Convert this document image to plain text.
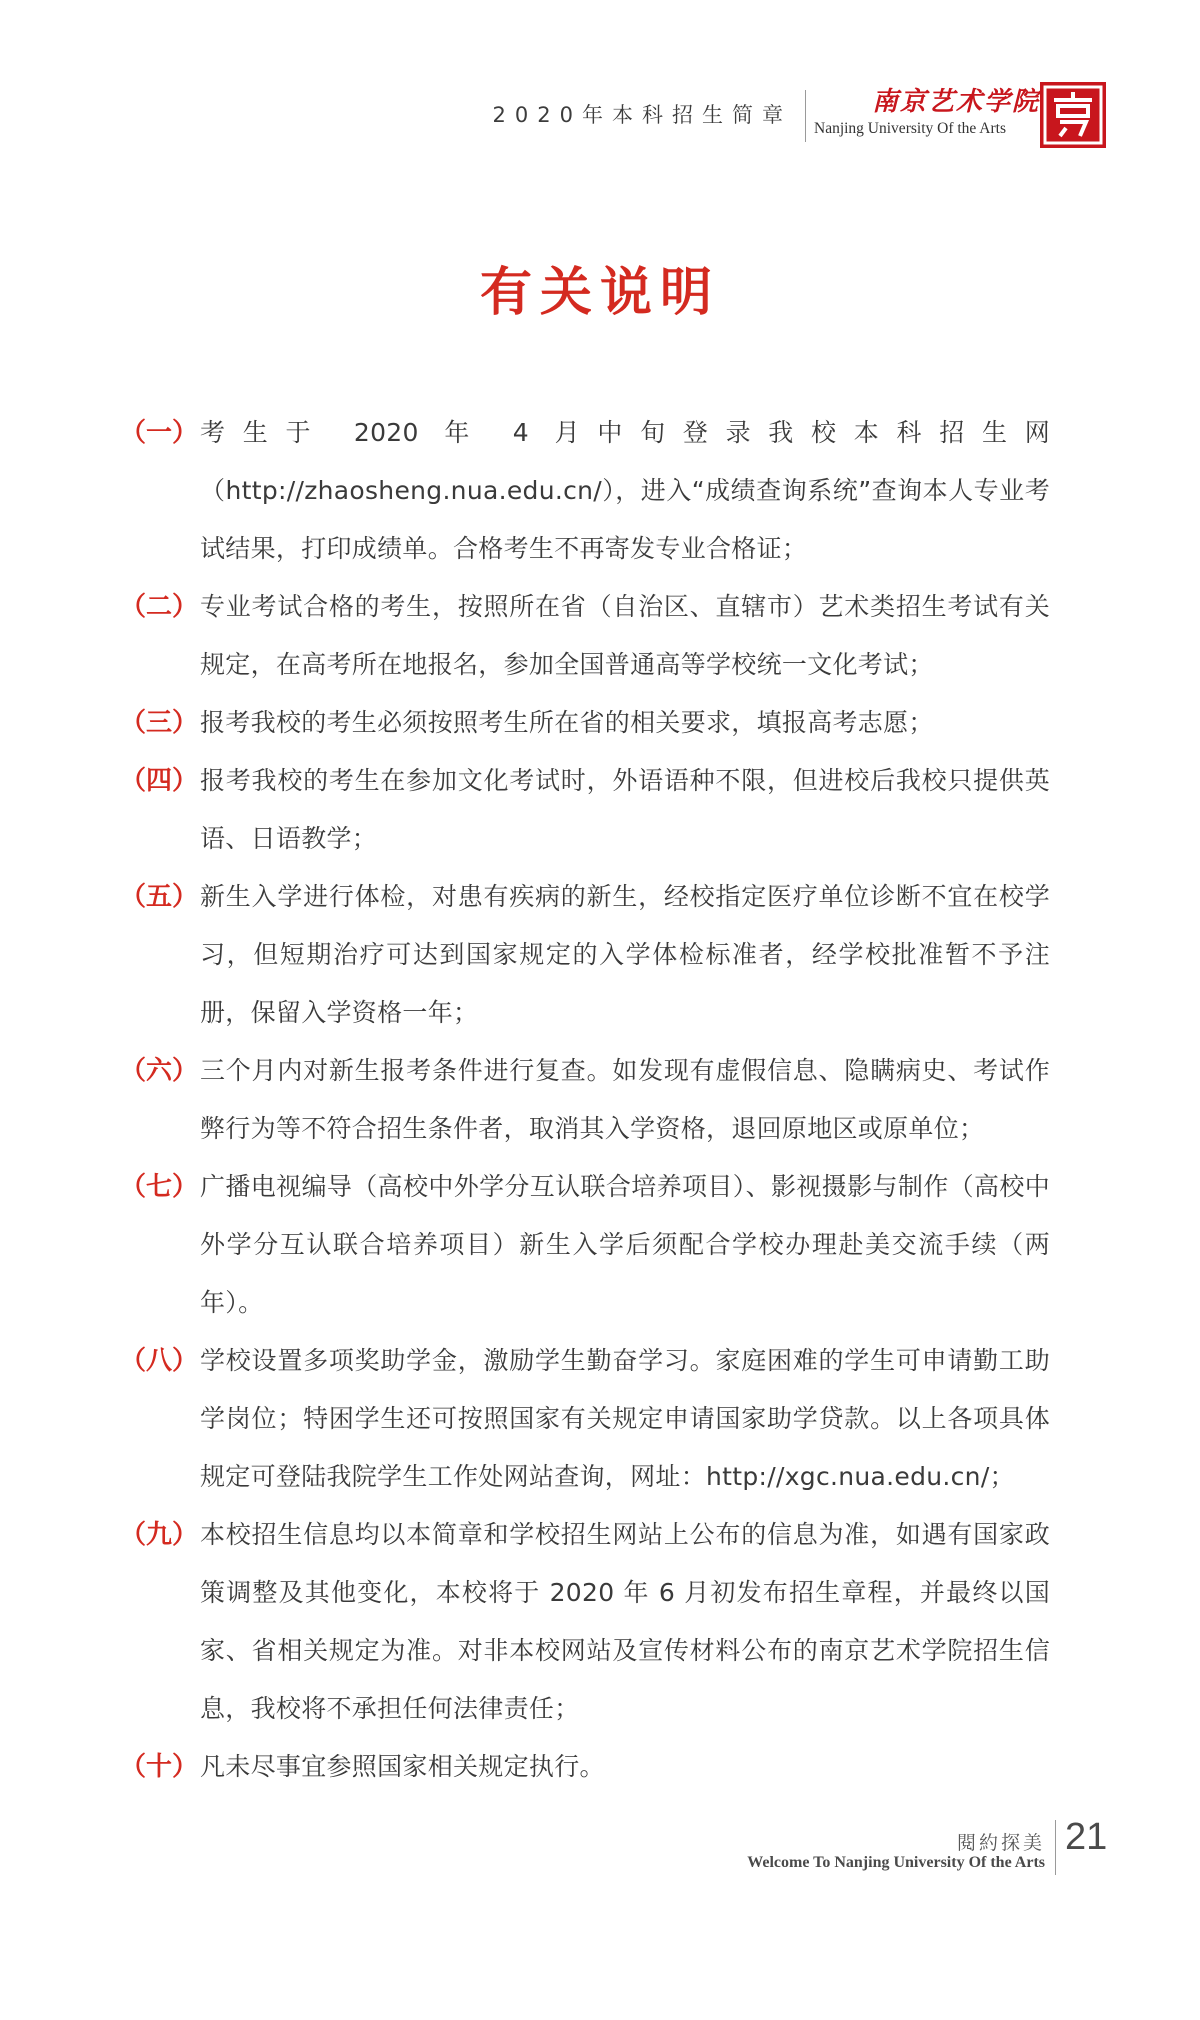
2020年本科招生简章	南京艺术学院
Nanjing University Of the Arts
有关说明
（一） 考生于 2020 年 4 月中旬登录我校本科招生网（http://zhaosheng.nua.edu.cn/），进入“成绩查询系统”查询本人专业考试结果，打印成绩单。合格考生不再寄发专业合格证；
（二） 专业考试合格的考生，按照所在省（自治区、直辖市）艺术类招生考试有关规定，在高考所在地报名，参加全国普通高等学校统一文化考试；
（三） 报考我校的考生必须按照考生所在省的相关要求，填报高考志愿；
（四） 报考我校的考生在参加文化考试时，外语语种不限，但进校后我校只提供英语、日语教学；
（五） 新生入学进行体检，对患有疾病的新生，经校指定医疗单位诊断不宜在校学习，但短期治疗可达到国家规定的入学体检标准者，经学校批准暂不予注册，保留入学资格一年；
（六） 三个月内对新生报考条件进行复查。如发现有虚假信息、隐瞒病史、考试作弊行为等不符合招生条件者，取消其入学资格，退回原地区或原单位；
（七） 广播电视编导（高校中外学分互认联合培养项目）、影视摄影与制作（高校中外学分互认联合培养项目）新生入学后须配合学校办理赴美交流手续（两年）。
（八） 学校设置多项奖助学金，激励学生勤奋学习。家庭困难的学生可申请勤工助学岗位；特困学生还可按照国家有关规定申请国家助学贷款。以上各项具体规定可登陆我院学生工作处网站查询，网址：http://xgc.nua.edu.cn/；
（九） 本校招生信息均以本简章和学校招生网站上公布的信息为准，如遇有国家政策调整及其他变化，本校将于 2020 年 6 月初发布招生章程，并最终以国家、省相关规定为准。对非本校网站及宣传材料公布的南京艺术学院招生信息，我校将不承担任何法律责任；
（十） 凡未尽事宜参照国家相关规定执行。
閱約探美
Welcome To Nanjing University Of the Arts
21
